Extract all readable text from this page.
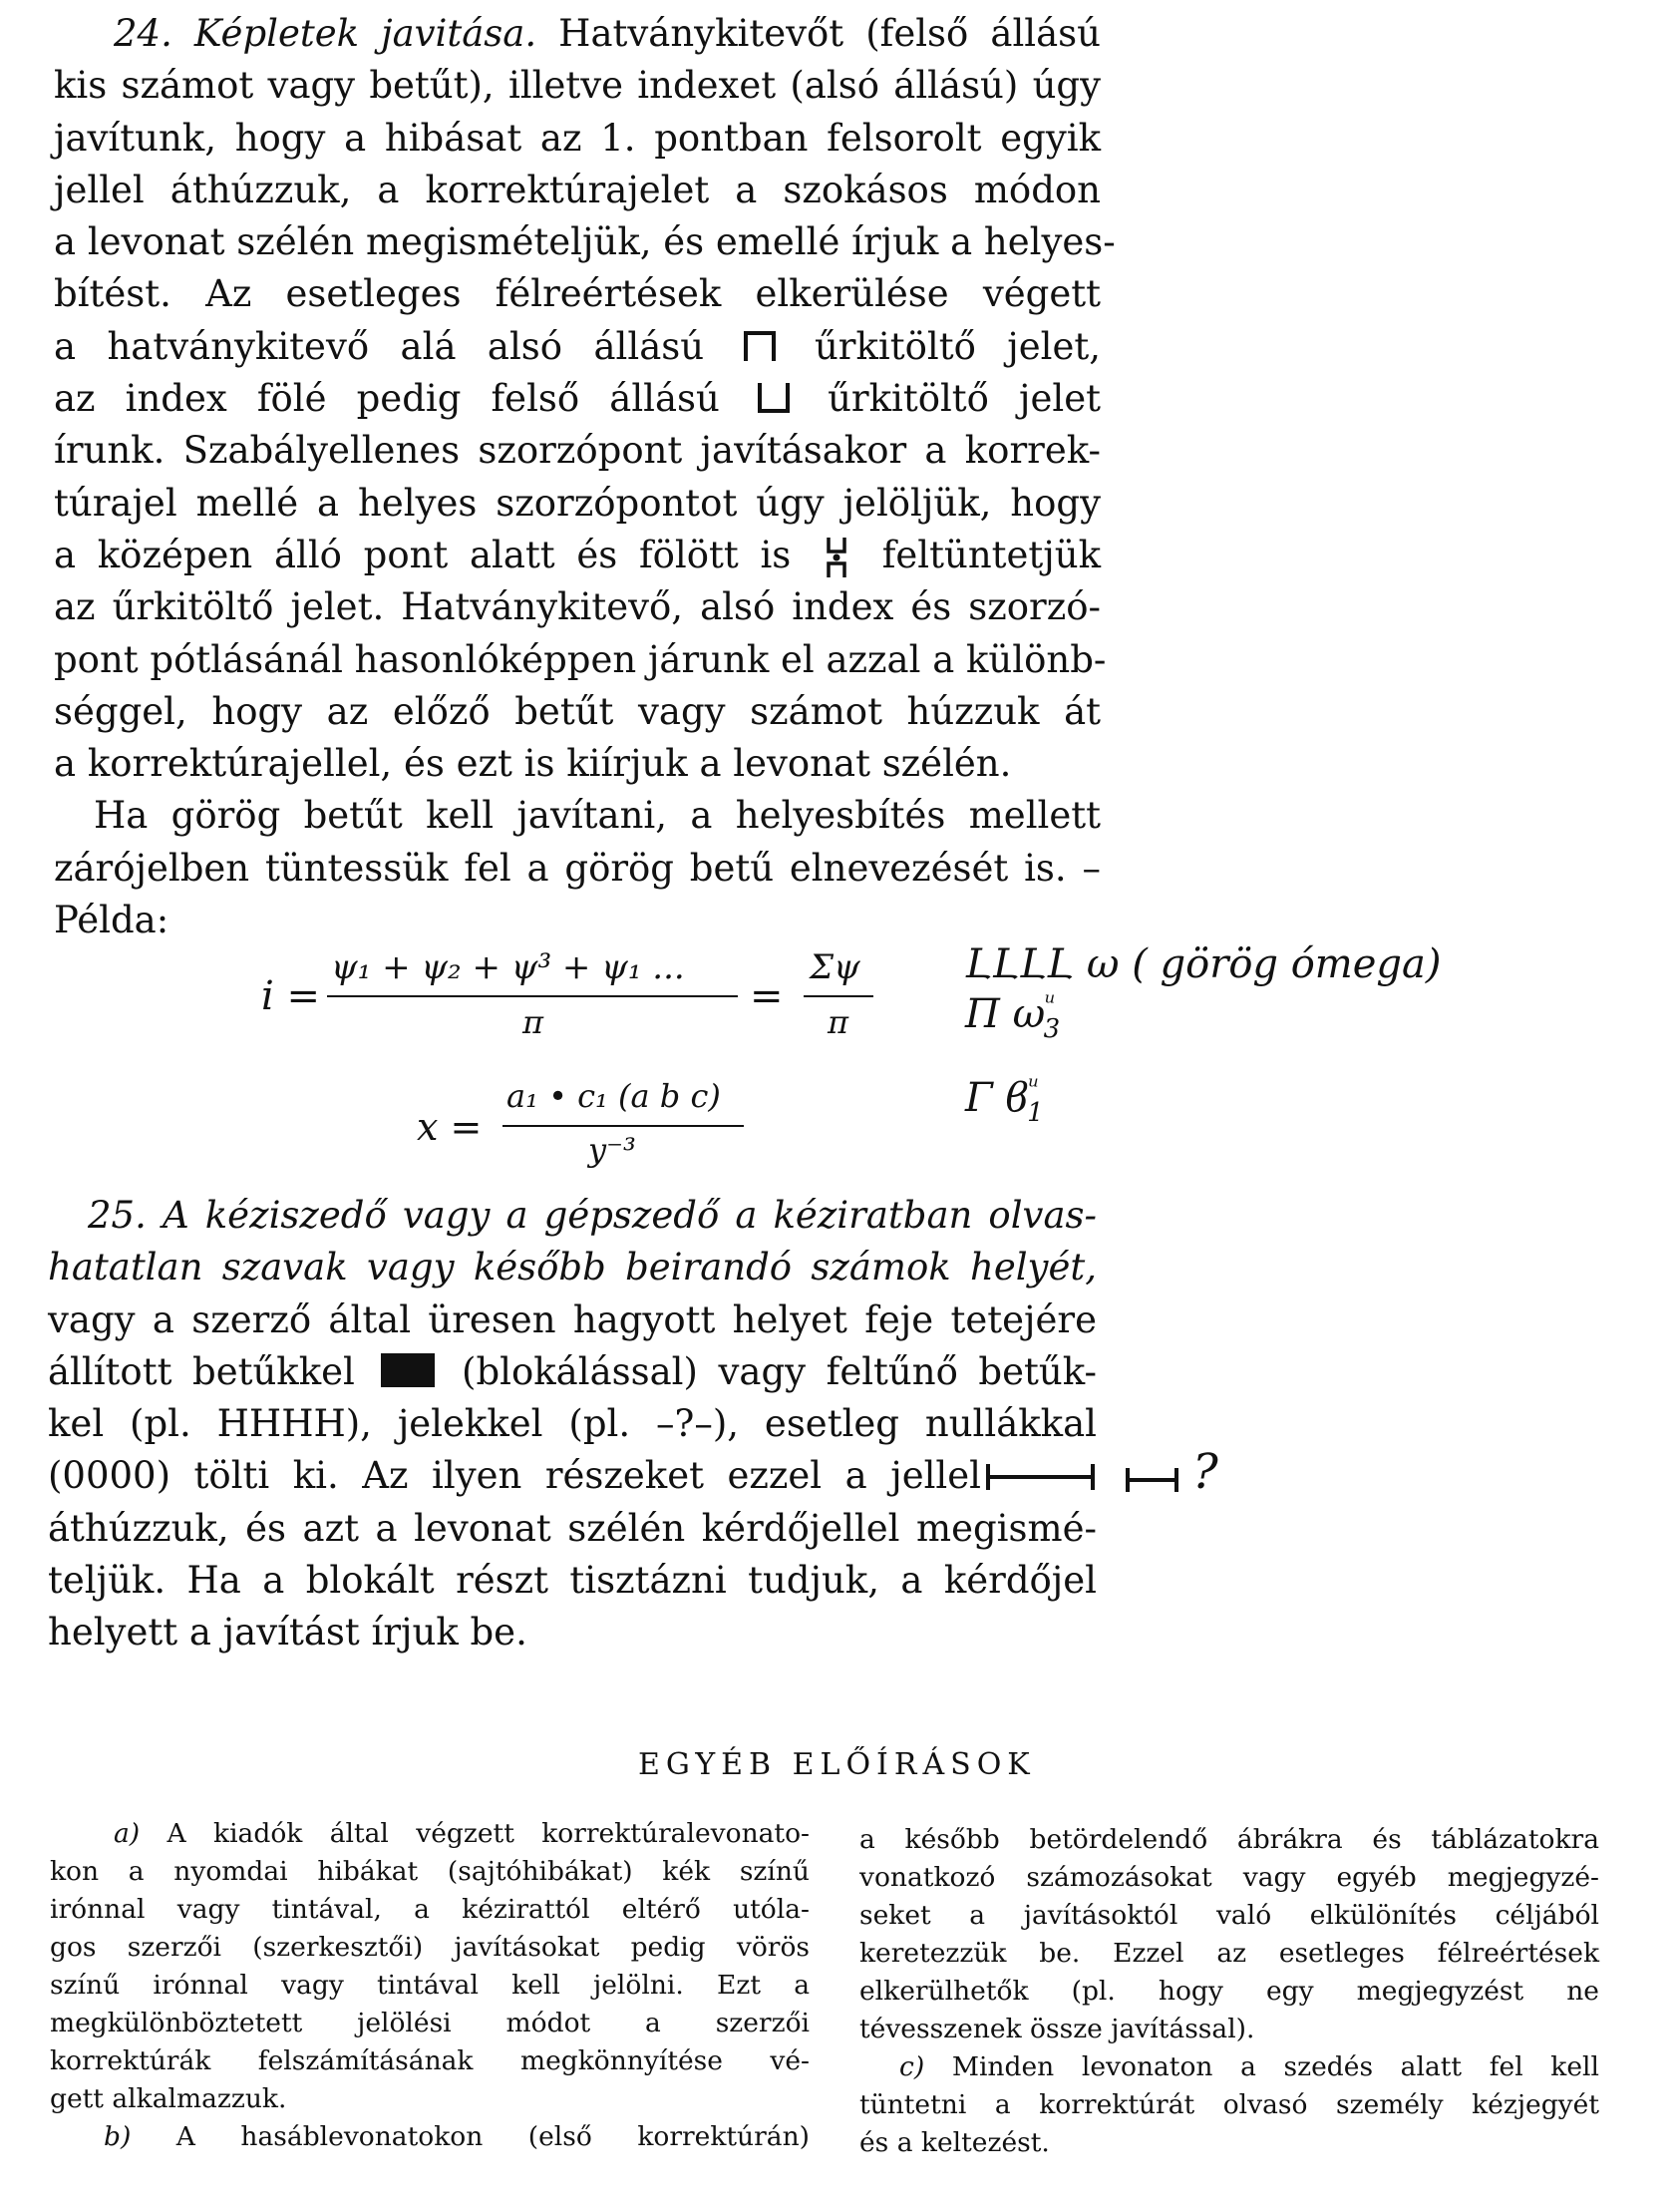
24. Képletek javitása. Hatványkitevőt (felső állású
kis számot vagy betűt), illetve indexet (alsó állású) úgy
javítunk, hogy a hibásat az 1. pontban felsorolt egyik
jellel áthúzzuk, a korrektúrajelet a szokásos módon
a levonat szélén megismételjük, és emellé írjuk a helyes-
bítést. Az esetleges félreértések elkerülése végett
a hatványkitevő alá alsó állású	űrkitöltő jelet,
az index fölé pedig felső állású	űrkitöltő jelet
írunk. Szabályellenes szorzópont javításakor a korrek-
túrajel mellé a helyes szorzópontot úgy jelöljük, hogy
a középen álló pont alatt és fölött is feltüntetjük
az űrkitöltő jelet. Hatványkitevő, alsó index és szorzó-
pont pótlásánál hasonlóképpen járunk el azzal a különb-
séggel, hogy az előző betűt vagy számot húzzuk át
a korrektúrajellel, és ezt is kiírjuk a levonat szélén.
Ha görög betűt kell javítani, a helyesbítés mellett
zárójelben tüntessük fel a görög betű elnevezését is. –
Példa:
i =
ψ₁ + ψ₂ + ψ³ + ψ₁ ...
π
=
Σψ
π
x =
a₁ • c₁ (a b c)
y⁻³
ԼԼԼԼ ω ( görög ómega)
Π $\omega^ᵘ_3$
Γ $ϐ^ᵘ_1$
25. A kéziszedő vagy a gépszedő a kéziratban olvas-
hatatlan szavak vagy később beirandó számok helyét,
vagy a szerző által üresen hagyott helyet feje tetejére
állított betűkkel	(blokálással) vagy feltűnő betűk-
kel (pl. HHHH), jelekkel (pl. –?–), esetleg nullákkal
(0000) tölti ki. Az ilyen részeket ezzel a jellel
áthúzzuk, és azt a levonat szélén kérdőjellel megismé-
teljük. Ha a blokált részt tisztázni tudjuk, a kérdőjel
helyett a javítást írjuk be.
?
EGYÉB ELŐÍRÁSOK
a) A kiadók által végzett korrektúralevonato-
kon a nyomdai hibákat (sajtóhibákat) kék színű
irónnal vagy tintával, a kézirattól eltérő utóla-
gos szerzői (szerkesztői) javításokat pedig vörös
színű irónnal vagy tintával kell jelölni. Ezt a
megkülönböztetett jelölési módot a szerzői
korrektúrák felszámításának megkönnyítése vé-
gett alkalmazzuk.
b) A hasáblevonatokon (első korrektúrán)
a később betördelendő ábrákra és táblázatokra
vonatkozó számozásokat vagy egyéb megjegyzé-
seket a javításoktól való elkülönítés céljából
keretezzük be. Ezzel az esetleges félreértések
elkerülhetők (pl. hogy egy megjegyzést ne
tévesszenek össze javítással).
c) Minden levonaton a szedés alatt fel kell
tüntetni a korrektúrát olvasó személy kézjegyét
és a keltezést.
